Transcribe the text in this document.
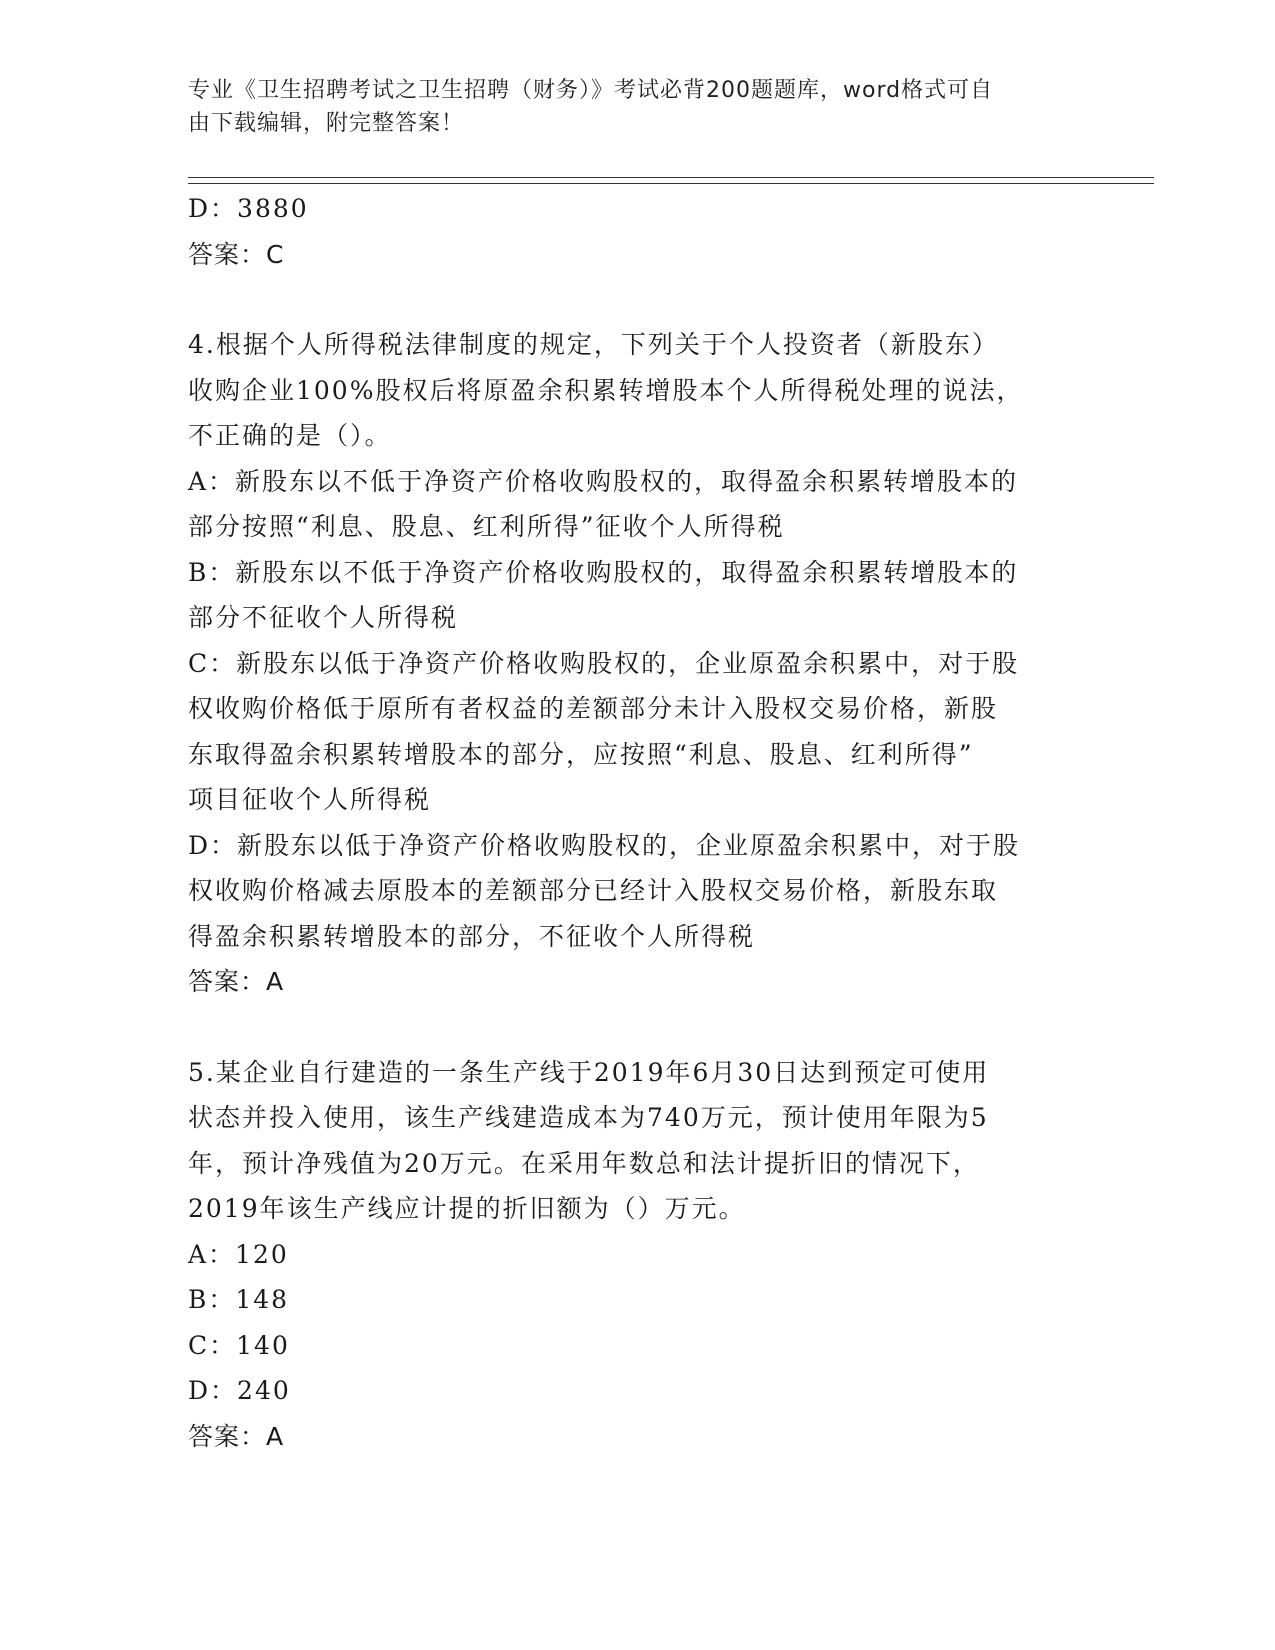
专业《卫生招聘考试之卫生招聘（财务）》考试必背200题题库，word格式可自
由下载编辑，附完整答案！

D：3880

答案：C

4.根据个人所得税法律制度的规定，下列关于个人投资者（新股东）

收购企业100%股权后将原盈余积累转增股本个人所得税处理的说法，

不正确的是（）。

A：新股东以不低于净资产价格收购股权的，取得盈余积累转增股本的

部分按照“利息、股息、红利所得”征收个人所得税

B：新股东以不低于净资产价格收购股权的，取得盈余积累转增股本的

部分不征收个人所得税

C：新股东以低于净资产价格收购股权的，企业原盈余积累中，对于股

权收购价格低于原所有者权益的差额部分未计入股权交易价格，新股

东取得盈余积累转增股本的部分，应按照“利息、股息、红利所得”

项目征收个人所得税

D：新股东以低于净资产价格收购股权的，企业原盈余积累中，对于股

权收购价格减去原股本的差额部分已经计入股权交易价格，新股东取

得盈余积累转增股本的部分，不征收个人所得税

答案：A

5.某企业自行建造的一条生产线于2019年6月30日达到预定可使用

状态并投入使用，该生产线建造成本为740万元，预计使用年限为5

年，预计净残值为20万元。在采用年数总和法计提折旧的情况下，

2019年该生产线应计提的折旧额为（）万元。

A：120

B：148

C：140

D：240

答案：A
